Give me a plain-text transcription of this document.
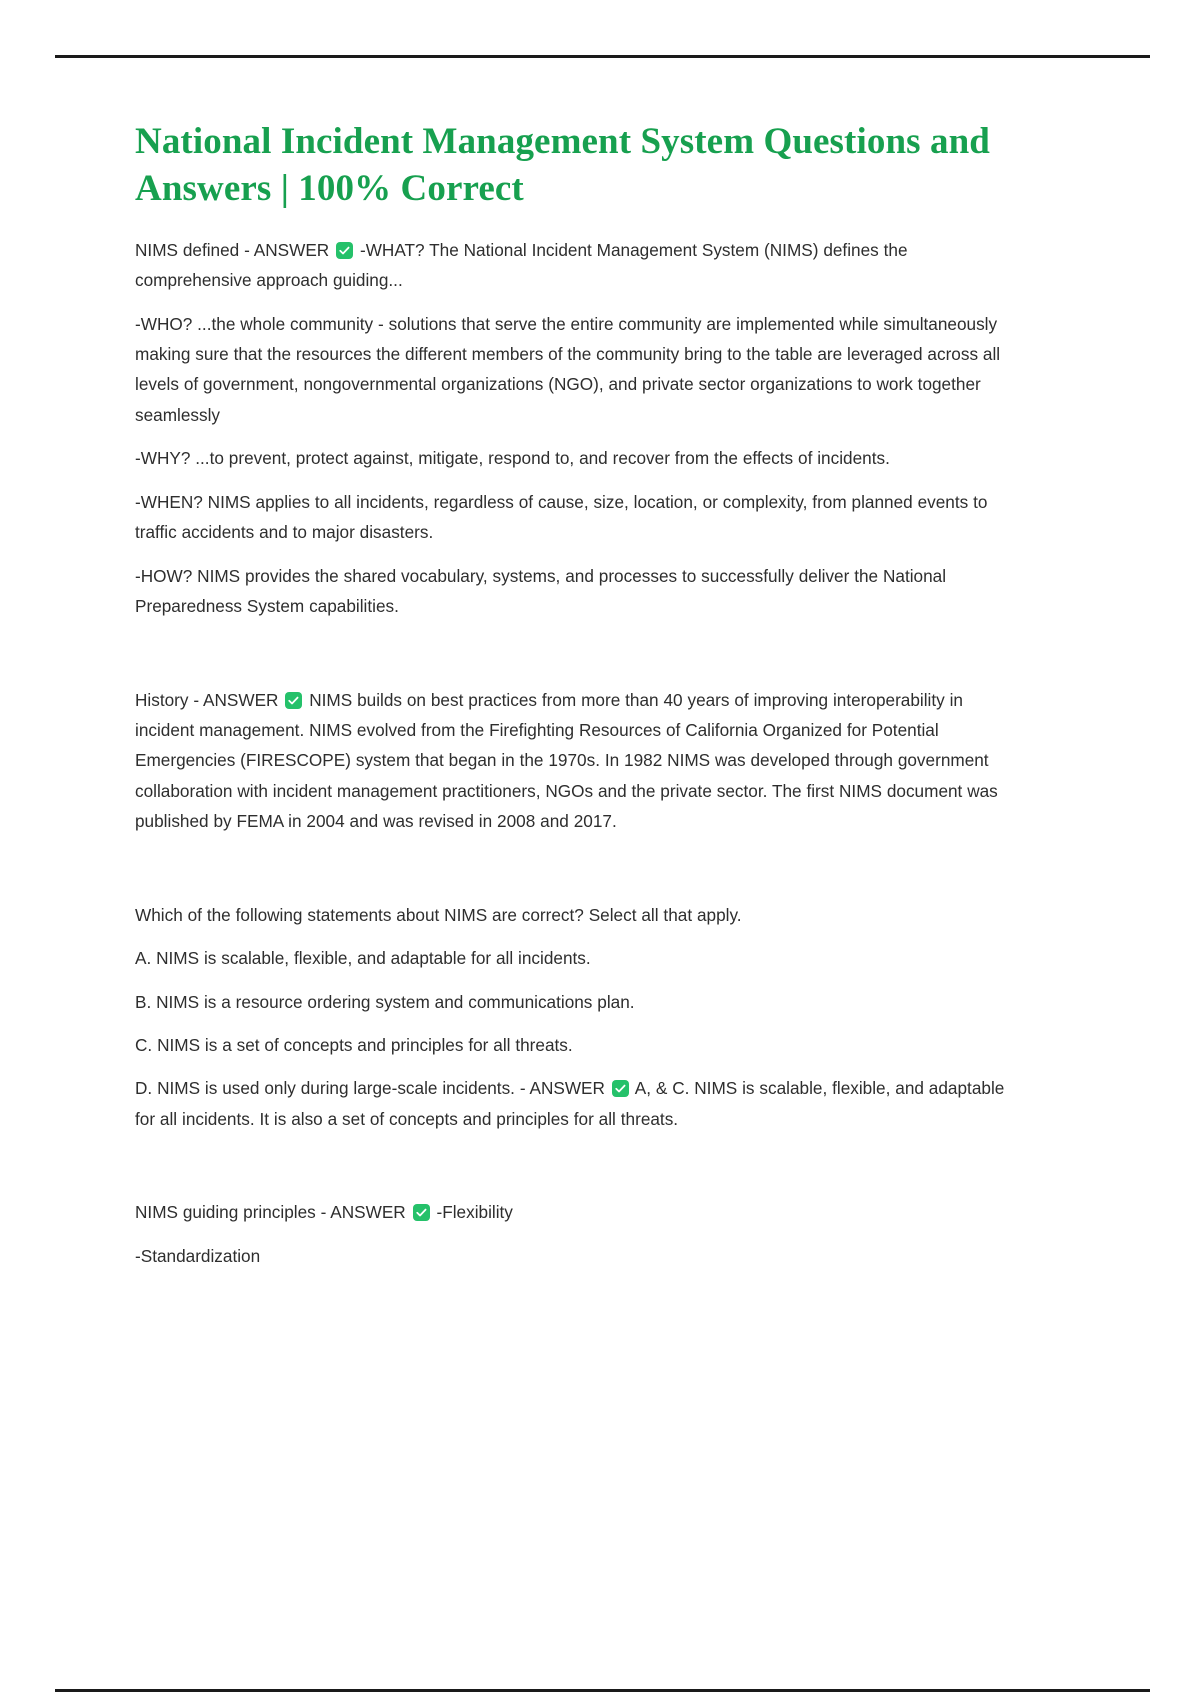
National Incident Management System Questions and Answers | 100% Correct

NIMS defined - ANSWER -WHAT? The National Incident Management System (NIMS) defines the comprehensive approach guiding...

-WHO? ...the whole community - solutions that serve the entire community are implemented while simultaneously making sure that the resources the different members of the community bring to the table are leveraged across all levels of government, nongovernmental organizations (NGO), and private sector organizations to work together seamlessly

-WHY? ...to prevent, protect against, mitigate, respond to, and recover from the effects of incidents.

-WHEN? NIMS applies to all incidents, regardless of cause, size, location, or complexity, from planned events to traffic accidents and to major disasters.

-HOW? NIMS provides the shared vocabulary, systems, and processes to successfully deliver the National Preparedness System capabilities.

History - ANSWER NIMS builds on best practices from more than 40 years of improving interoperability in incident management. NIMS evolved from the Firefighting Resources of California Organized for Potential Emergencies (FIRESCOPE) system that began in the 1970s. In 1982 NIMS was developed through government collaboration with incident management practitioners, NGOs and the private sector. The first NIMS document was published by FEMA in 2004 and was revised in 2008 and 2017.

Which of the following statements about NIMS are correct? Select all that apply.

A. NIMS is scalable, flexible, and adaptable for all incidents.

B. NIMS is a resource ordering system and communications plan.

C. NIMS is a set of concepts and principles for all threats.

D. NIMS is used only during large-scale incidents. - ANSWER A, & C. NIMS is scalable, flexible, and adaptable for all incidents. It is also a set of concepts and principles for all threats.

NIMS guiding principles - ANSWER -Flexibility

-Standardization
